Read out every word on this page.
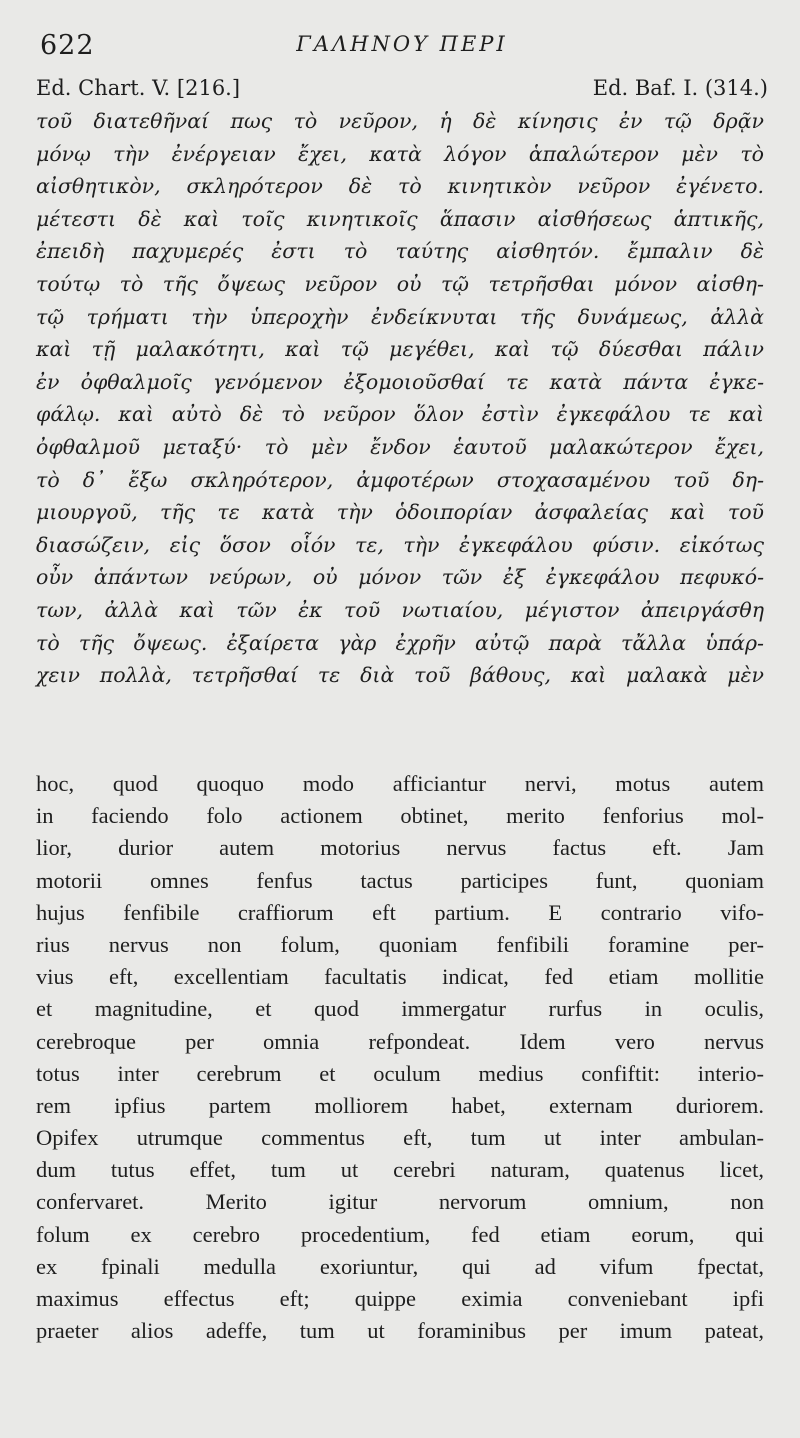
622	ΓΑΛΗΝΟΥ ΠΕΡΙ
Ed. Chart. V. [216.]	Ed. Baf. I. (314.)
τοῦ διατεθῆναί πως τὸ νεῦρον, ἡ δὲ κίνησις ἐν τῷ δρᾷν
μόνῳ τὴν ἐνέργειαν ἔχει, κατὰ λόγον ἁπαλώτερον μὲν τὸ
αἰσθητικὸν, σκληρότερον δὲ τὸ κινητικὸν νεῦρον ἐγένετο.
μέτεστι δὲ καὶ τοῖς κινητικοῖς ἅπασιν αἰσθήσεως ἁπτικῆς,
ἐπειδὴ παχυμερές ἐστι τὸ ταύτης αἰσθητόν. ἔμπαλιν δὲ
τούτῳ τὸ τῆς ὄψεως νεῦρον οὐ τῷ τετρῆσθαι μόνον αἰσθη-
τῷ τρήματι τὴν ὑπεροχὴν ἐνδείκνυται τῆς δυνάμεως, ἀλλὰ
καὶ τῇ μαλακότητι, καὶ τῷ μεγέθει, καὶ τῷ δύεσθαι πάλιν
ἐν ὀφθαλμοῖς γενόμενον ἐξομοιοῦσθαί τε κατὰ πάντα ἐγκε-
φάλῳ. καὶ αὐτὸ δὲ τὸ νεῦρον ὅλον ἐστὶν ἐγκεφάλου τε καὶ
ὀφθαλμοῦ μεταξύ· τὸ μὲν ἔνδον ἑαυτοῦ μαλακώτερον ἔχει,
τὸ δ᾽ ἔξω σκληρότερον, ἀμφοτέρων στοχασαμένου τοῦ δη-
μιουργοῦ, τῆς τε κατὰ τὴν ὁδοιπορίαν ἀσφαλείας καὶ τοῦ
διασώζειν, εἰς ὅσον οἷόν τε, τὴν ἐγκεφάλου φύσιν. εἰκότως
οὖν ἁπάντων νεύρων, οὐ μόνον τῶν ἐξ ἐγκεφάλου πεφυκό-
των, ἀλλὰ καὶ τῶν ἐκ τοῦ νωτιαίου, μέγιστον ἀπειργάσθη
τὸ τῆς ὄψεως. ἐξαίρετα γὰρ ἐχρῆν αὐτῷ παρὰ τἄλλα ὑπάρ-
χειν πολλὰ, τετρῆσθαί τε διὰ τοῦ βάθους, καὶ μαλακὰ μὲν
hoc, quod quoquo modo afficiantur nervi, motus autem
in faciendo folo actionem obtinet, merito fenforius mol-
lior, durior autem motorius nervus factus eft. Jam
motorii omnes fenfus tactus participes funt, quoniam
hujus fenfibile craffiorum eft partium. E contrario vifo-
rius nervus non folum, quoniam fenfibili foramine per-
vius eft, excellentiam facultatis indicat, fed etiam mollitie
et magnitudine, et quod immergatur rurfus in oculis,
cerebroque per omnia refpondeat. Idem vero nervus
totus inter cerebrum et oculum medius confiftit: interio-
rem ipfius partem molliorem habet, externam duriorem.
Opifex utrumque commentus eft, tum ut inter ambulan-
dum tutus effet, tum ut cerebri naturam, quatenus licet,
confervaret. Merito igitur nervorum omnium, non
folum ex cerebro procedentium, fed etiam eorum, qui
ex fpinali medulla exoriuntur, qui ad vifum fpectat,
maximus effectus eft; quippe eximia conveniebant ipfi
praeter alios adeffe, tum ut foraminibus per imum pateat,
